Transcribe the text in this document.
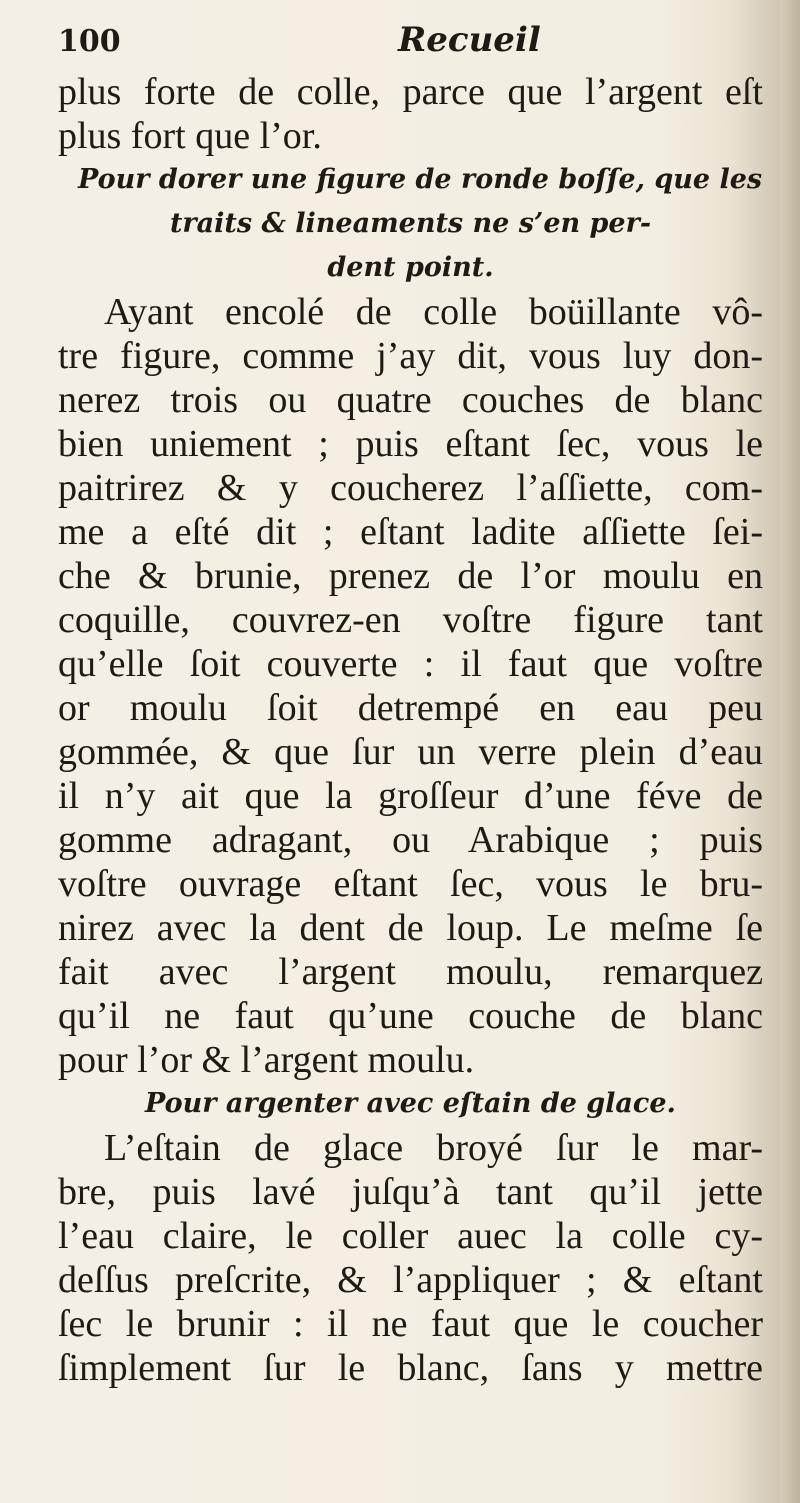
100	Recueil
plus forte de colle, parce que l’argent eſt
plus fort que l’or.
Pour dorer une figure de ronde boſſe, que les
traits & lineaments ne s’en per-
dent point.
Ayant encolé de colle boüillante vô-
tre figure, comme j’ay dit, vous luy don-
nerez trois ou quatre couches de blanc
bien uniement ; puis eſtant ſec, vous le
paitrirez & y coucherez l’aſſiette, com-
me a eſté dit ; eſtant ladite aſſiette ſei-
che & brunie, prenez de l’or moulu en
coquille, couvrez-en voſtre figure tant
qu’elle ſoit couverte : il faut que voſtre
or moulu ſoit detrempé en eau peu
gommée, & que ſur un verre plein d’eau
il n’y ait que la groſſeur d’une féve de
gomme adragant, ou Arabique ; puis
voſtre ouvrage eſtant ſec, vous le bru-
nirez avec la dent de loup. Le meſme ſe
fait avec l’argent moulu, remarquez
qu’il ne faut qu’une couche de blanc
pour l’or & l’argent moulu.
Pour argenter avec eſtain de glace.
L’eſtain de glace broyé ſur le mar-
bre, puis lavé juſqu’à tant qu’il jette
l’eau claire, le coller auec la colle cy-
deſſus preſcrite, & l’appliquer ; & eſtant
ſec le brunir : il ne faut que le coucher
ſimplement ſur le blanc, ſans y mettre
